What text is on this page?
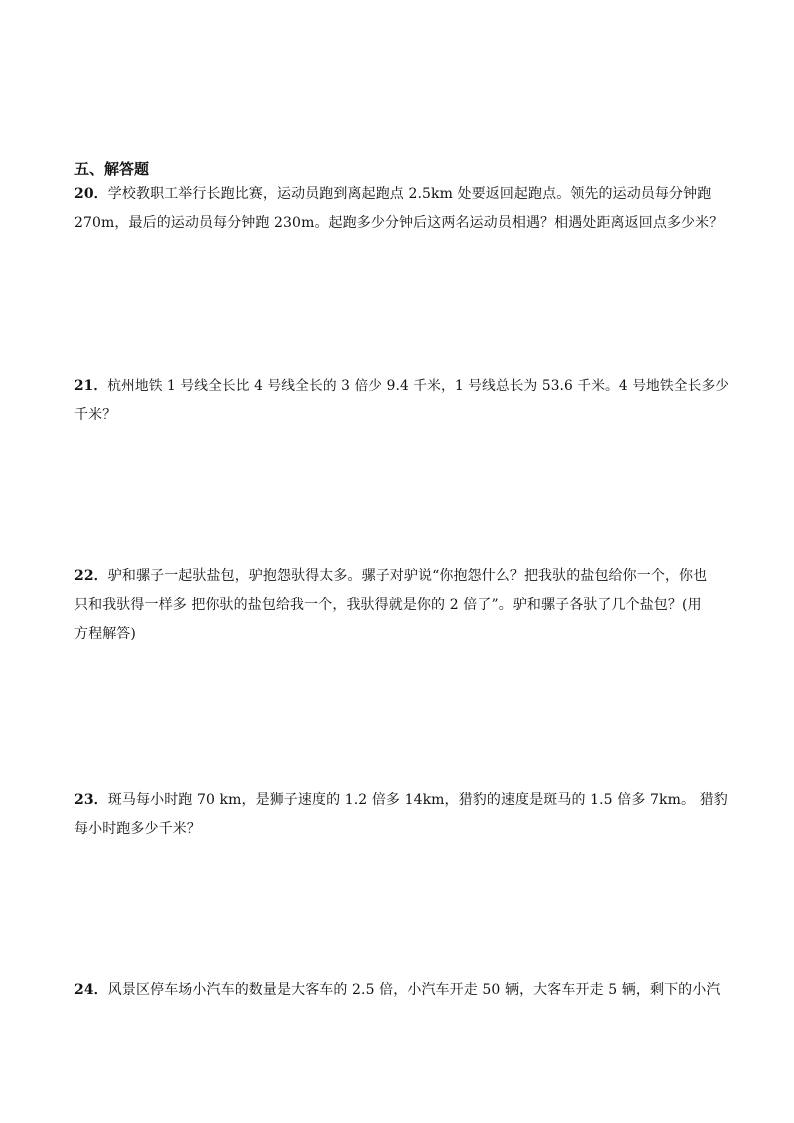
五、解答题
20．学校教职工举行长跑比赛，运动员跑到离起跑点 2.5km 处要返回起跑点。领先的运动员每分钟跑
270m，最后的运动员每分钟跑 230m。起跑多少分钟后这两名运动员相遇？相遇处距离返回点多少米？
21．杭州地铁 1 号线全长比 4 号线全长的 3 倍少 9.4 千米，1 号线总长为 53.6 千米。4 号地铁全长多少
千米？
22．驴和骡子一起驮盐包，驴抱怨驮得太多。骡子对驴说“你抱怨什么？把我驮的盐包给你一个，你也
只和我驮得一样多 把你驮的盐包给我一个，我驮得就是你的 2 倍了”。驴和骡子各驮了几个盐包？(用
方程解答)
23．斑马每小时跑 70 km，是狮子速度的 1.2 倍多 14km，猎豹的速度是斑马的 1.5 倍多 7km。 猎豹
每小时跑多少千米？
24．风景区停车场小汽车的数量是大客车的 2.5 倍，小汽车开走 50 辆，大客车开走 5 辆，剩下的小汽
